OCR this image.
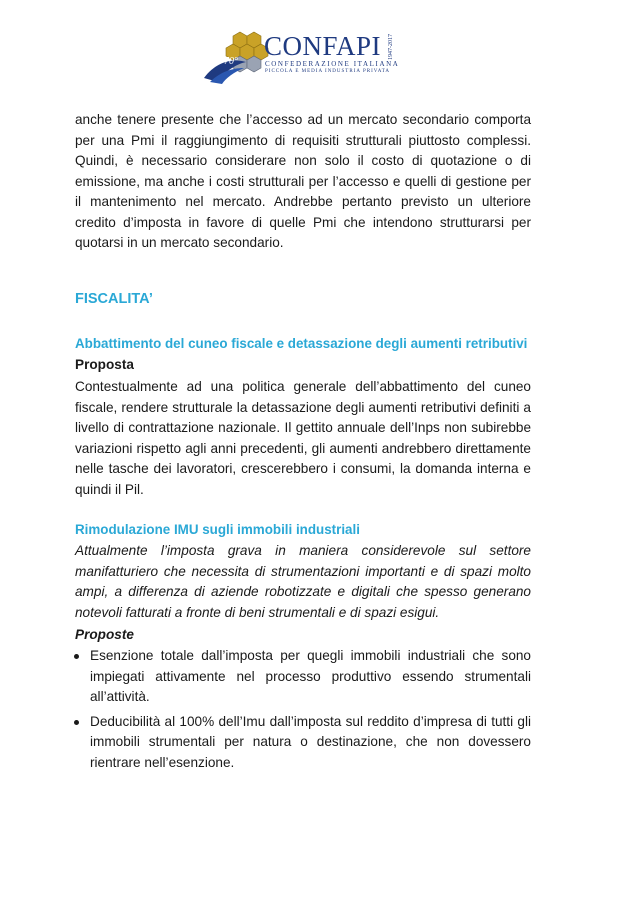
70°
CONFAPI
CONFEDERAZIONE ITALIANA
PICCOLA E MEDIA INDUSTRIA PRIVATA
1947-2017

anche tenere presente che l’accesso ad un mercato secondario comporta per una Pmi il raggiungimento di requisiti strutturali piuttosto complessi. Quindi, è necessario considerare non solo il costo di quotazione o di emissione, ma anche i costi strutturali per l’accesso e quelli di gestione per il mantenimento nel mercato. Andrebbe pertanto previsto un ulteriore credito d’imposta in favore di quelle Pmi che intendono strutturarsi per quotarsi in un mercato secondario.

FISCALITA’
Abbattimento del cuneo fiscale e detassazione degli aumenti retributivi

Proposta

Contestualmente ad una politica generale dell’abbattimento del cuneo fiscale, rendere strutturale la detassazione degli aumenti retributivi definiti a livello di contrattazione nazionale. Il gettito annuale dell’Inps non subirebbe variazioni rispetto agli anni precedenti, gli aumenti andrebbero direttamente nelle tasche dei lavoratori, crescerebbero i consumi, la domanda interna e quindi il Pil.

Rimodulazione IMU sugli immobili industriali

Attualmente l’imposta grava in maniera considerevole sul settore manifatturiero che necessita di strumentazioni importanti e di spazi molto ampi, a differenza di aziende robotizzate e digitali che spesso generano notevoli fatturati a fronte di beni strumentali e di spazi esigui.

Proposte

Esenzione totale dall’imposta per quegli immobili industriali che sono impiegati attivamente nel processo produttivo essendo strumentali all’attività.
Deducibilità al 100% dell’Imu dall’imposta sul reddito d’impresa di tutti gli immobili strumentali per natura o destinazione, che non dovessero rientrare nell’esenzione.
